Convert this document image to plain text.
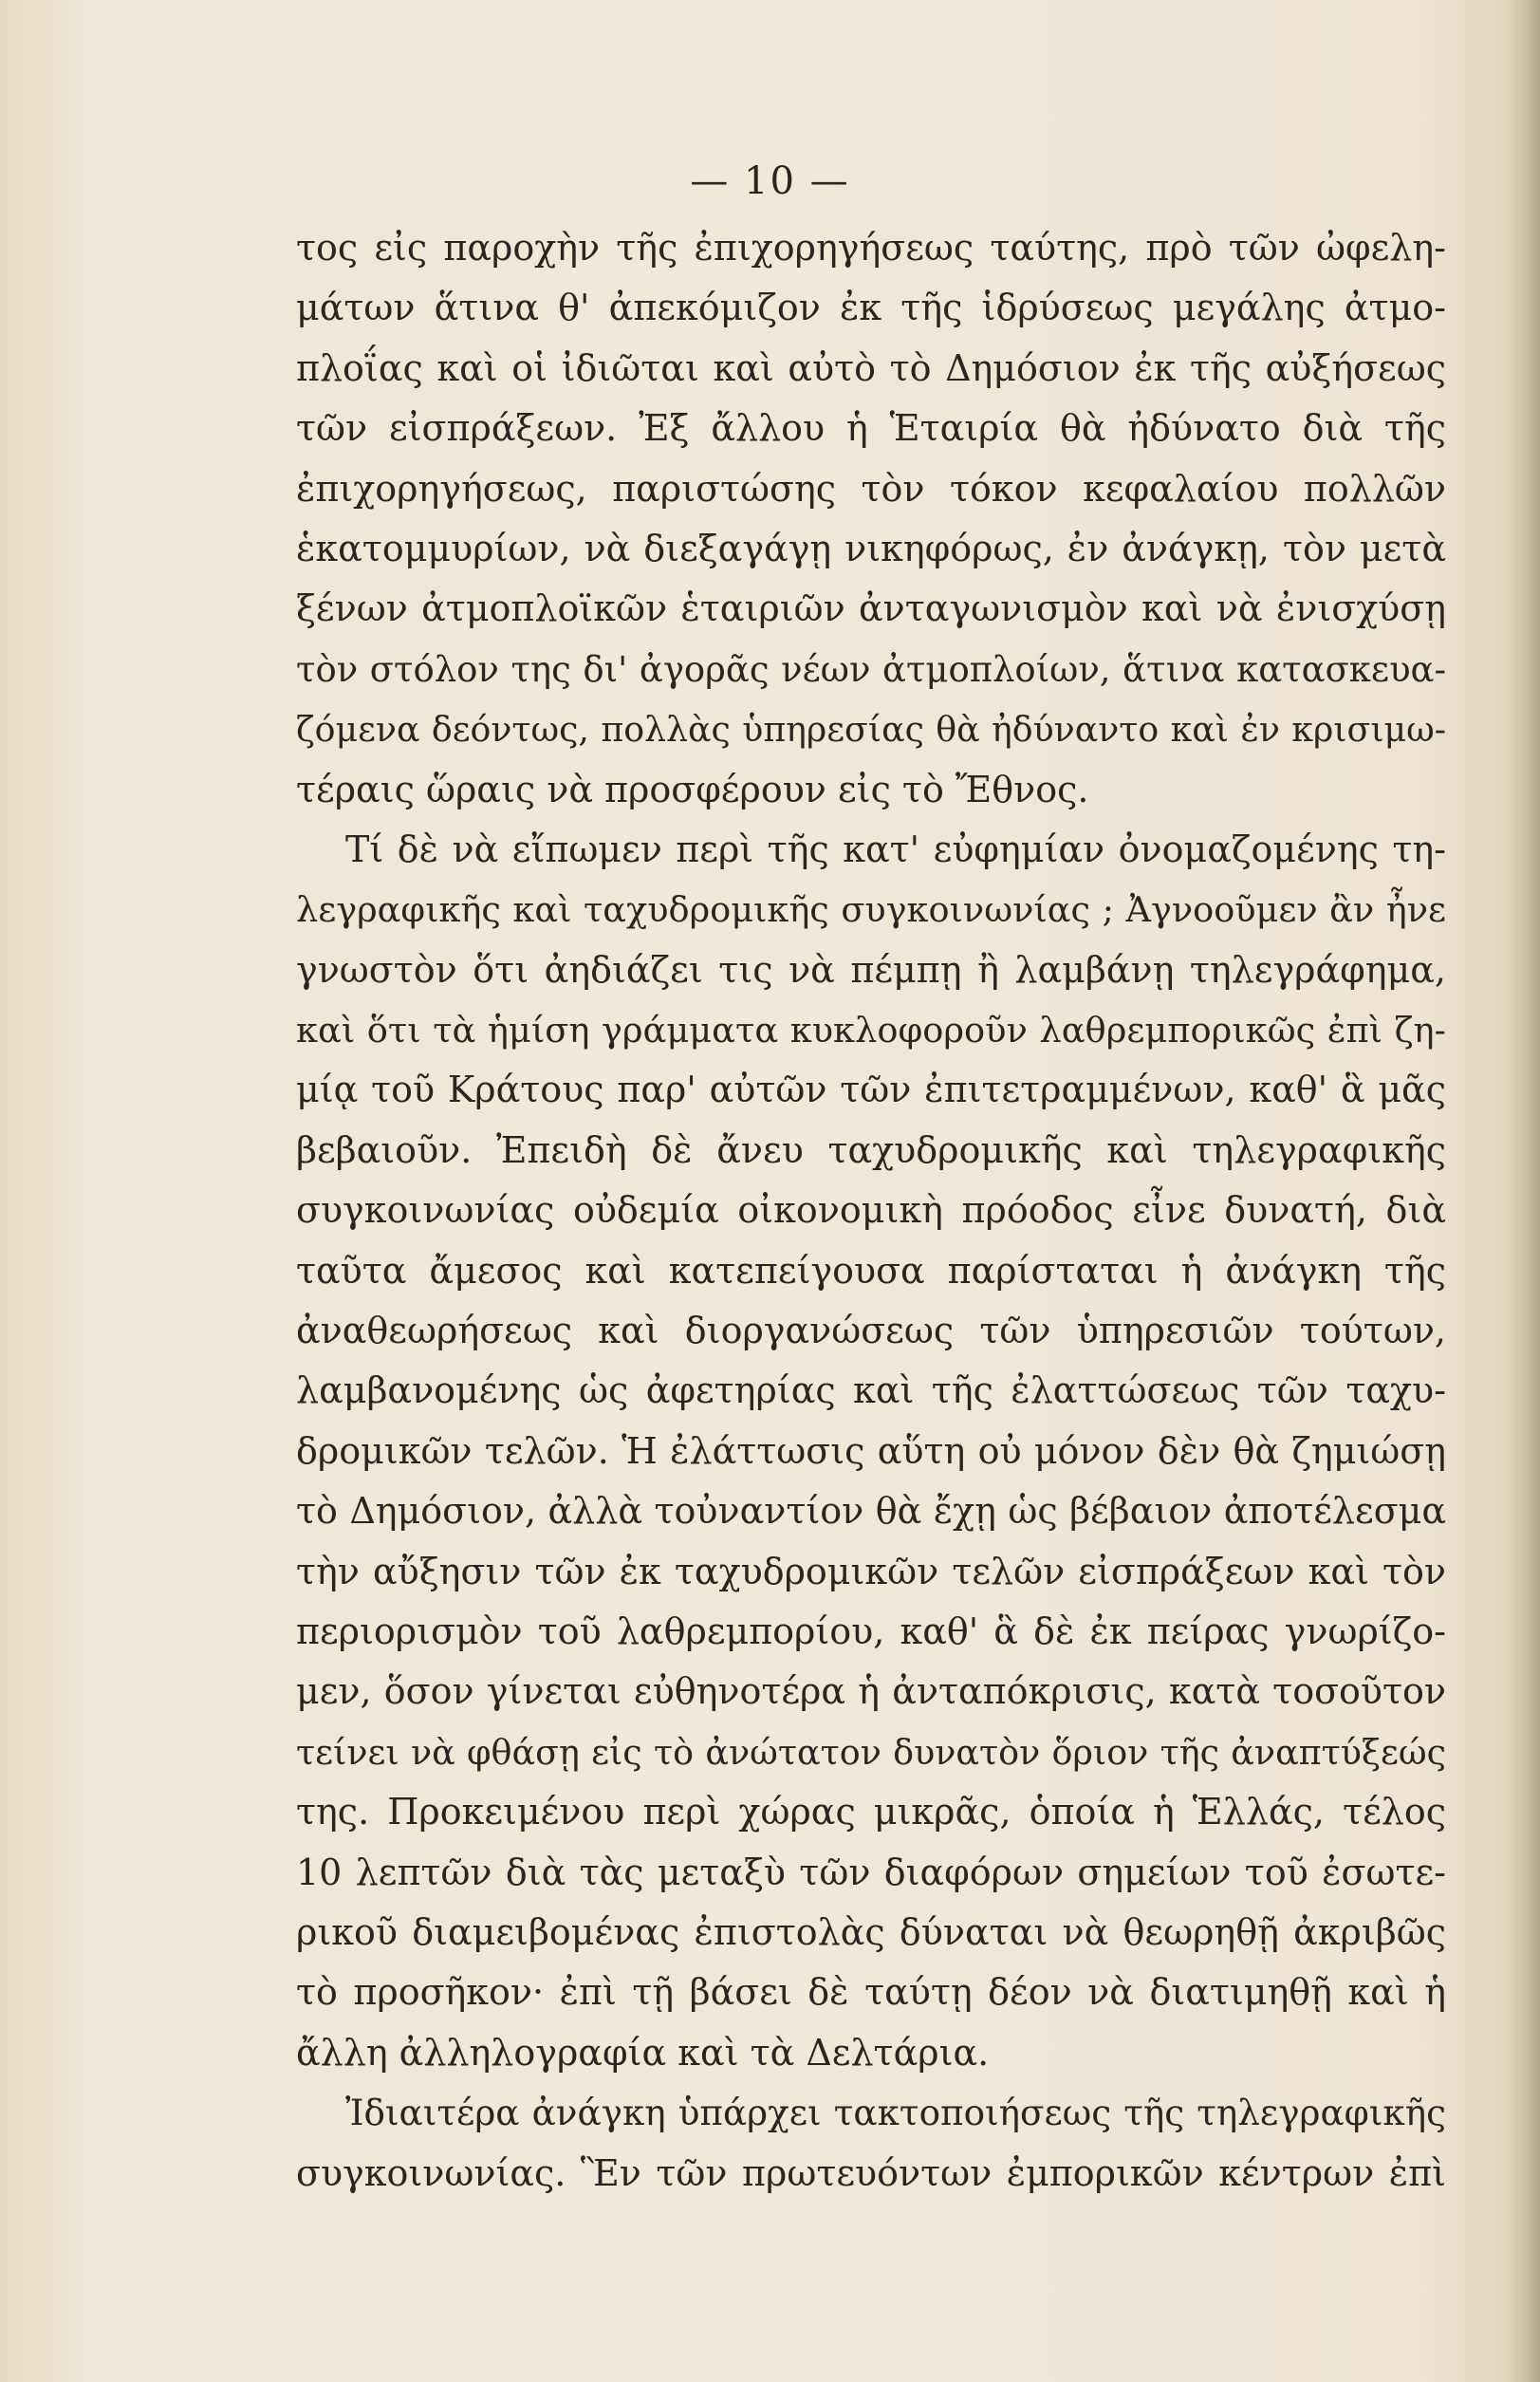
— 10 —
τος εἰς παροχὴν τῆς ἐπιχορηγήσεως ταύτης, πρὸ τῶν ὠφελη-
μάτων ἅτινα θ' ἀπεκόμιζον ἐκ τῆς ἱδρύσεως μεγάλης ἀτμο-
πλοΐας καὶ οἱ ἰδιῶται καὶ αὐτὸ τὸ Δημόσιον ἐκ τῆς αὐξήσεως
τῶν εἰσπράξεων. Ἐξ ἄλλου ἡ Ἑταιρία θὰ ἠδύνατο διὰ τῆς
ἐπιχορηγήσεως, παριστώσης τὸν τόκον κεφαλαίου πολλῶν
ἑκατομμυρίων, νὰ διεξαγάγῃ νικηφόρως, ἐν ἀνάγκῃ, τὸν μετὰ
ξένων ἀτμοπλοϊκῶν ἑταιριῶν ἀνταγωνισμὸν καὶ νὰ ἐνισχύσῃ
τὸν στόλον της δι' ἀγορᾶς νέων ἀτμοπλοίων, ἅτινα κατασκευα-
ζόμενα δεόντως, πολλὰς ὑπηρεσίας θὰ ἠδύναντο καὶ ἐν κρισιμω-
τέραις ὥραις νὰ προσφέρουν εἰς τὸ Ἔθνος.
Τί δὲ νὰ εἴπωμεν περὶ τῆς κατ' εὐφημίαν ὀνομαζομένης τη-
λεγραφικῆς καὶ ταχυδρομικῆς συγκοινωνίας ; Ἀγνοοῦμεν ἂν ἦνε
γνωστὸν ὅτι ἀηδιάζει τις νὰ πέμπῃ ἢ λαμβάνῃ τηλεγράφημα,
καὶ ὅτι τὰ ἡμίση γράμματα κυκλοφοροῦν λαθρεμπορικῶς ἐπὶ ζη-
μίᾳ τοῦ Κράτους παρ' αὐτῶν τῶν ἐπιτετραμμένων, καθ' ἃ μᾶς
βεβαιοῦν. Ἐπειδὴ δὲ ἄνευ ταχυδρομικῆς καὶ τηλεγραφικῆς
συγκοινωνίας οὐδεμία οἰκονομικὴ πρόοδος εἶνε δυνατή, διὰ
ταῦτα ἄμεσος καὶ κατεπείγουσα παρίσταται ἡ ἀνάγκη τῆς
ἀναθεωρήσεως καὶ διοργανώσεως τῶν ὑπηρεσιῶν τούτων,
λαμβανομένης ὡς ἀφετηρίας καὶ τῆς ἐλαττώσεως τῶν ταχυ-
δρομικῶν τελῶν. Ἡ ἐλάττωσις αὕτη οὐ μόνον δὲν θὰ ζημιώσῃ
τὸ Δημόσιον, ἀλλὰ τοὐναντίον θὰ ἔχῃ ὡς βέβαιον ἀποτέλεσμα
τὴν αὔξησιν τῶν ἐκ ταχυδρομικῶν τελῶν εἰσπράξεων καὶ τὸν
περιορισμὸν τοῦ λαθρεμπορίου, καθ' ἃ δὲ ἐκ πείρας γνωρίζο-
μεν, ὅσον γίνεται εὐθηνοτέρα ἡ ἀνταπόκρισις, κατὰ τοσοῦτον
τείνει νὰ φθάσῃ εἰς τὸ ἀνώτατον δυνατὸν ὅριον τῆς ἀναπτύξεώς
της. Προκειμένου περὶ χώρας μικρᾶς, ὁποία ἡ Ἑλλάς, τέλος
10 λεπτῶν διὰ τὰς μεταξὺ τῶν διαφόρων σημείων τοῦ ἐσωτε-
ρικοῦ διαμειβομένας ἐπιστολὰς δύναται νὰ θεωρηθῇ ἀκριβῶς
τὸ προσῆκον· ἐπὶ τῇ βάσει δὲ ταύτῃ δέον νὰ διατιμηθῇ καὶ ἡ
ἄλλη ἀλληλογραφία καὶ τὰ Δελτάρια.
Ἰδιαιτέρα ἀνάγκη ὑπάρχει τακτοποιήσεως τῆς τηλεγραφικῆς
συγκοινωνίας. Ἓν τῶν πρωτευόντων ἐμπορικῶν κέντρων ἐπὶ
